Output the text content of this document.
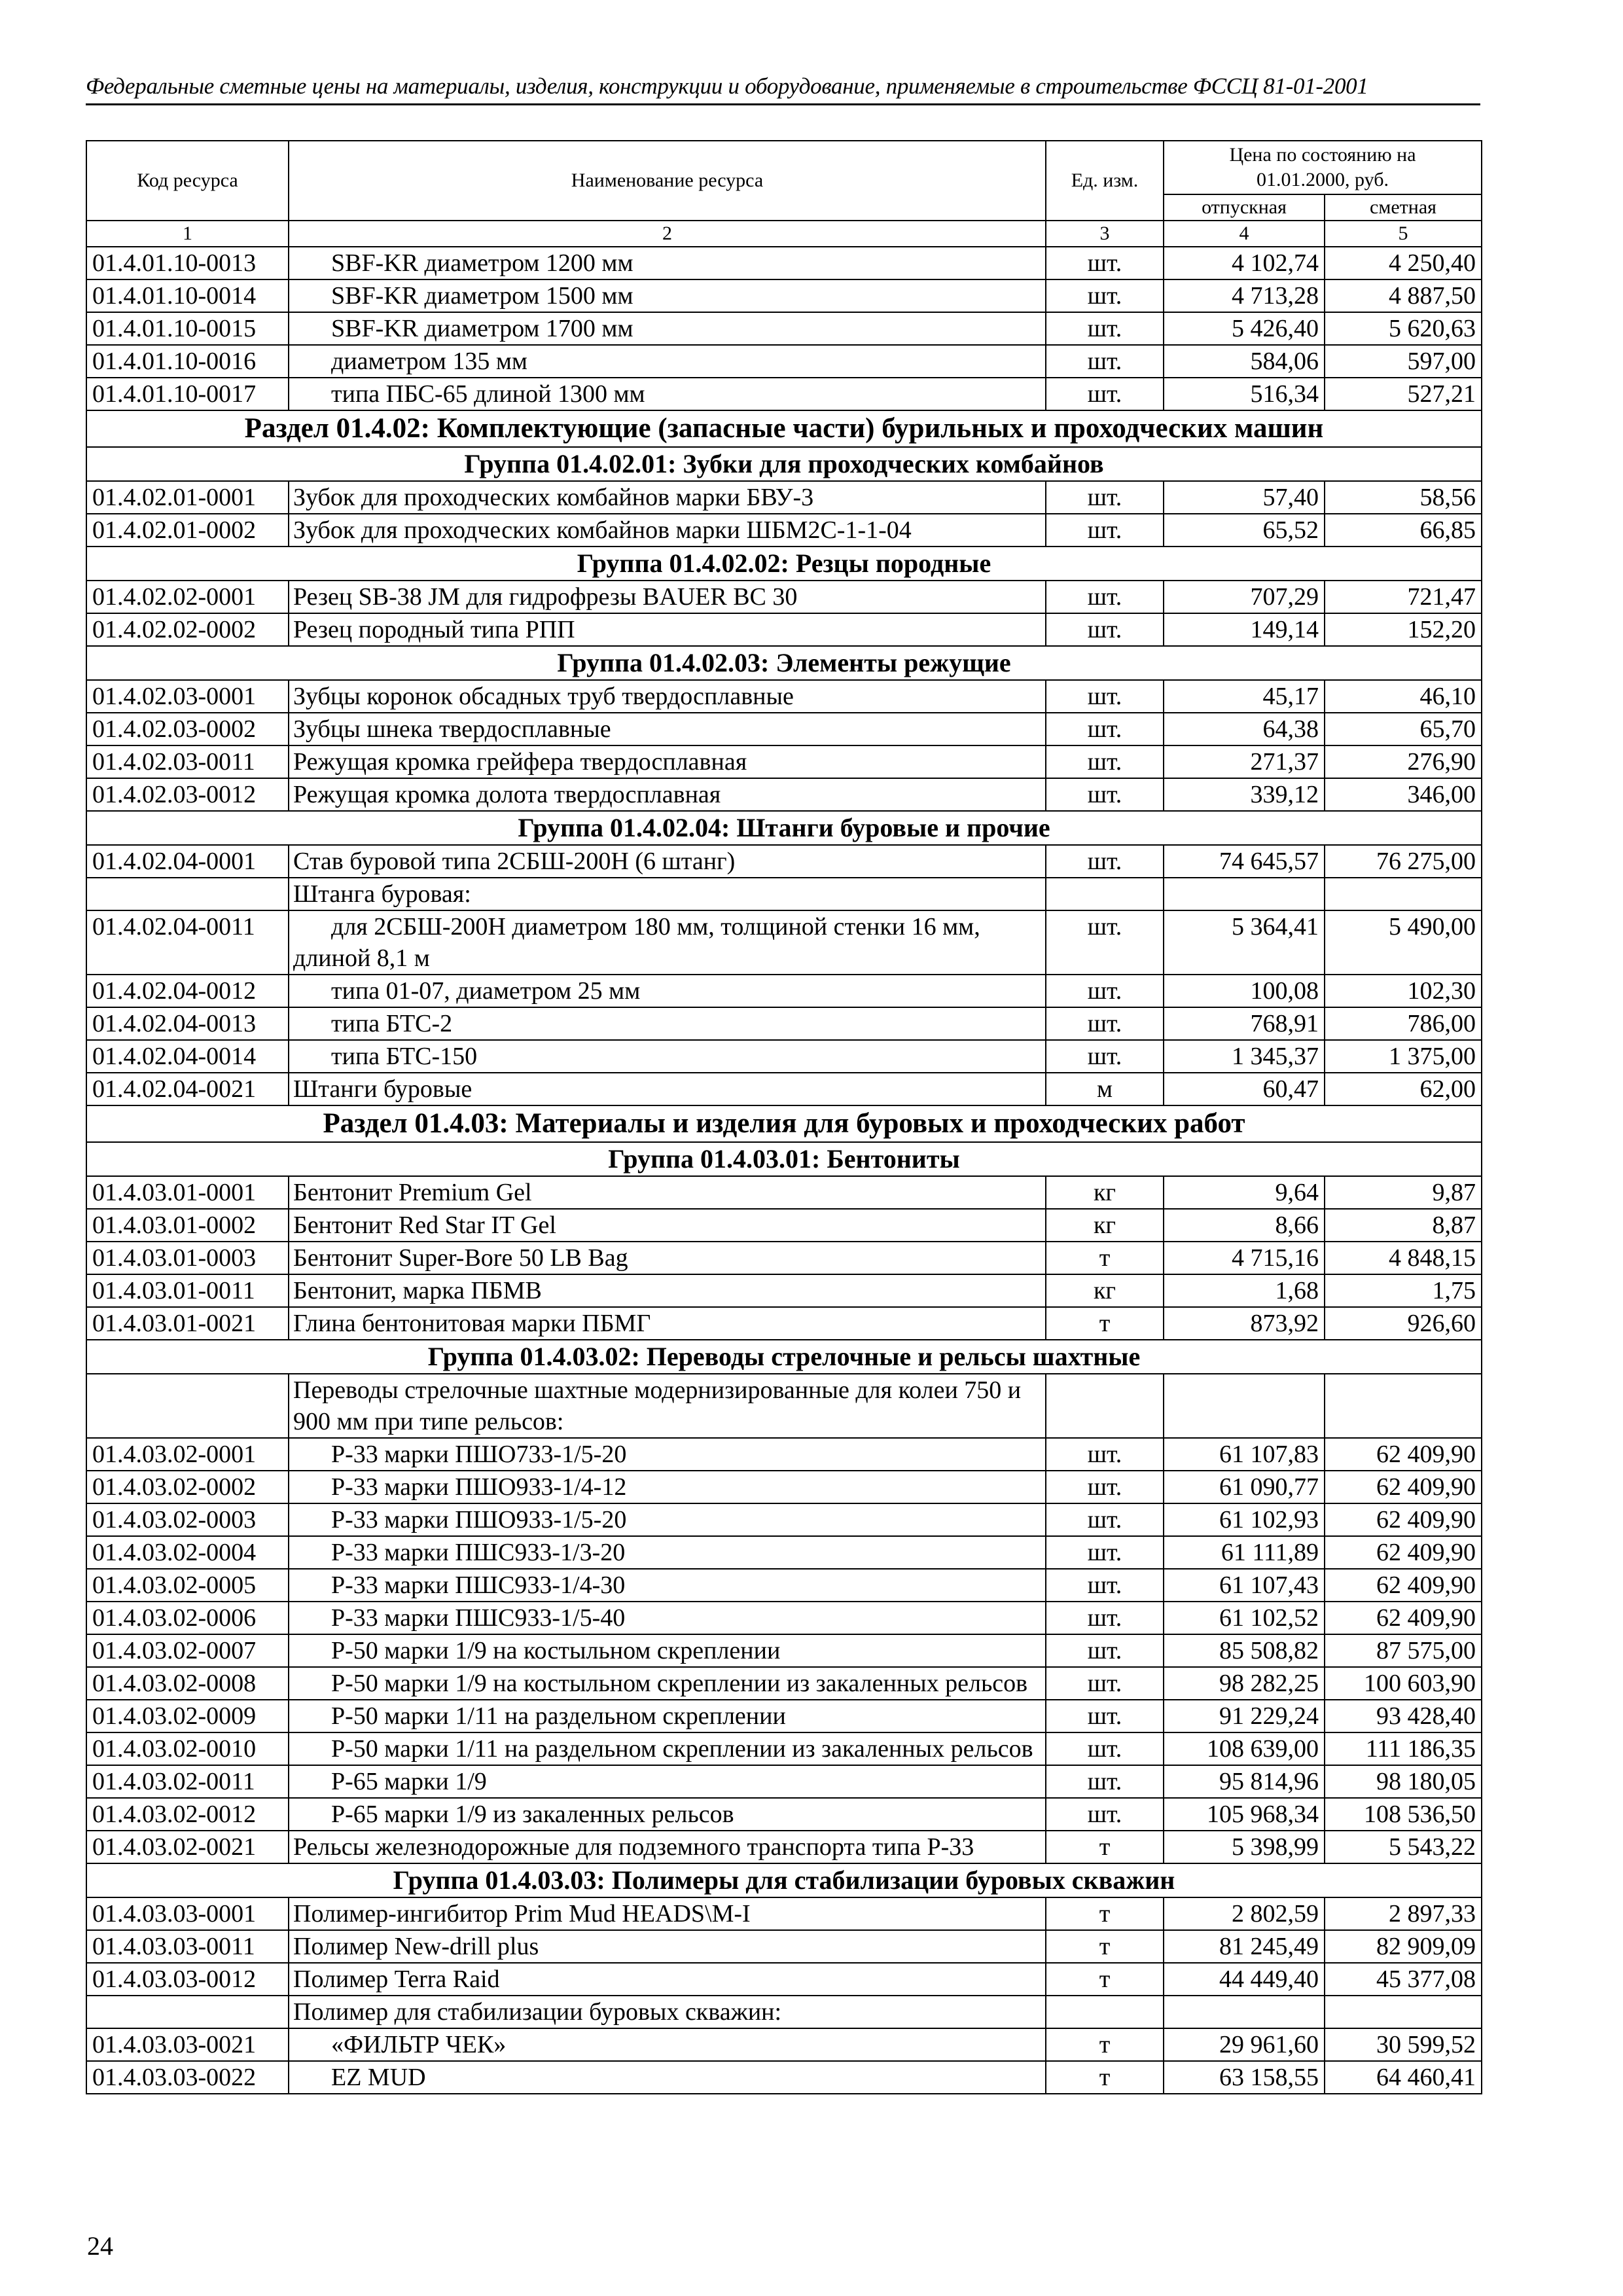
Федеральные сметные цены на материалы, изделия, конструкции и оборудование, применяемые в строительстве ФССЦ 81-01-2001
Код ресурса	Наименование ресурса	Ед. изм.	Цена по состоянию на 01.01.2000, руб.	
			отпускная	сметная
1	2	3	4	5
01.4.01.10-0013	SBF-KR диаметром 1200 мм	шт.	4 102,74	4 250,40
01.4.01.10-0014	SBF-KR диаметром 1500 мм	шт.	4 713,28	4 887,50
01.4.01.10-0015	SBF-KR диаметром 1700 мм	шт.	5 426,40	5 620,63
01.4.01.10-0016	диаметром 135 мм	шт.	584,06	597,00
01.4.01.10-0017	типа ПБС-65 длиной 1300 мм	шт.	516,34	527,21
Раздел 01.4.02: Комплектующие (запасные части) бурильных и проходческих машин				
Группа 01.4.02.01: Зубки для проходческих комбайнов				
01.4.02.01-0001	Зубок для проходческих комбайнов марки БВУ-3	шт.	57,40	58,56
01.4.02.01-0002	Зубок для проходческих комбайнов марки ШБМ2С-1-1-04	шт.	65,52	66,85
Группа 01.4.02.02: Резцы породные				
01.4.02.02-0001	Резец SB-38 JM для гидрофрезы BAUER BC 30	шт.	707,29	721,47
01.4.02.02-0002	Резец породный типа РПП	шт.	149,14	152,20
Группа 01.4.02.03: Элементы режущие				
01.4.02.03-0001	Зубцы коронок обсадных труб твердосплавные	шт.	45,17	46,10
01.4.02.03-0002	Зубцы шнека твердосплавные	шт.	64,38	65,70
01.4.02.03-0011	Режущая кромка грейфера твердосплавная	шт.	271,37	276,90
01.4.02.03-0012	Режущая кромка долота твердосплавная	шт.	339,12	346,00
Группа 01.4.02.04: Штанги буровые и прочие				
01.4.02.04-0001	Став буровой типа 2СБШ-200Н (6 штанг)	шт.	74 645,57	76 275,00
	Штанга буровая:			
01.4.02.04-0011	для 2СБШ-200Н диаметром 180 мм, толщиной стенки 16 мм, длиной 8,1 м	шт.	5 364,41	5 490,00
01.4.02.04-0012	типа 01-07, диаметром 25 мм	шт.	100,08	102,30
01.4.02.04-0013	типа БТС-2	шт.	768,91	786,00
01.4.02.04-0014	типа БТС-150	шт.	1 345,37	1 375,00
01.4.02.04-0021	Штанги буровые	м	60,47	62,00
Раздел 01.4.03: Материалы и изделия для буровых и проходческих работ				
Группа 01.4.03.01: Бентониты				
01.4.03.01-0001	Бентонит Premium Gel	кг	9,64	9,87
01.4.03.01-0002	Бентонит Red Star IT Gel	кг	8,66	8,87
01.4.03.01-0003	Бентонит Super-Bore 50 LB Bag	т	4 715,16	4 848,15
01.4.03.01-0011	Бентонит, марка ПБМВ	кг	1,68	1,75
01.4.03.01-0021	Глина бентонитовая марки ПБМГ	т	873,92	926,60
Группа 01.4.03.02: Переводы стрелочные и рельсы шахтные				
	Переводы стрелочные шахтные модернизированные для колеи 750 и 900 мм при типе рельсов:			
01.4.03.02-0001	Р-33 марки ПШО733-1/5-20	шт.	61 107,83	62 409,90
01.4.03.02-0002	Р-33 марки ПШО933-1/4-12	шт.	61 090,77	62 409,90
01.4.03.02-0003	Р-33 марки ПШО933-1/5-20	шт.	61 102,93	62 409,90
01.4.03.02-0004	Р-33 марки ПШС933-1/3-20	шт.	61 111,89	62 409,90
01.4.03.02-0005	Р-33 марки ПШС933-1/4-30	шт.	61 107,43	62 409,90
01.4.03.02-0006	Р-33 марки ПШС933-1/5-40	шт.	61 102,52	62 409,90
01.4.03.02-0007	Р-50 марки 1/9 на костыльном скреплении	шт.	85 508,82	87 575,00
01.4.03.02-0008	Р-50 марки 1/9 на костыльном скреплении из закаленных рельсов	шт.	98 282,25	100 603,90
01.4.03.02-0009	Р-50 марки 1/11 на раздельном скреплении	шт.	91 229,24	93 428,40
01.4.03.02-0010	Р-50 марки 1/11 на раздельном скреплении из закаленных рельсов	шт.	108 639,00	111 186,35
01.4.03.02-0011	Р-65 марки 1/9	шт.	95 814,96	98 180,05
01.4.03.02-0012	Р-65 марки 1/9 из закаленных рельсов	шт.	105 968,34	108 536,50
01.4.03.02-0021	Рельсы железнодорожные для подземного транспорта типа Р-33	т	5 398,99	5 543,22
Группа 01.4.03.03: Полимеры для стабилизации буровых скважин				
01.4.03.03-0001	Полимер-ингибитор Prim Mud HEADS\M-I	т	2 802,59	2 897,33
01.4.03.03-0011	Полимер New-drill plus	т	81 245,49	82 909,09
01.4.03.03-0012	Полимер Terra Raid	т	44 449,40	45 377,08
	Полимер для стабилизации буровых скважин:			
01.4.03.03-0021	«ФИЛЬТР ЧЕК»	т	29 961,60	30 599,52
01.4.03.03-0022	EZ MUD	т	63 158,55	64 460,41
24
